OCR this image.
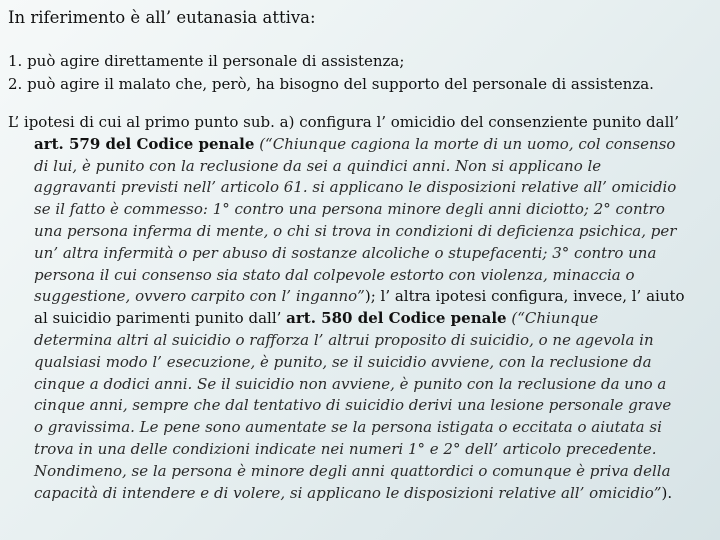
In riferimento è all’ eutanasia attiva:
1. può agire direttamente il personale di assistenza;
2. può agire il malato che, però, ha bisogno del supporto del personale di assistenza.
L’ ipotesi di cui al primo punto sub. a) configura l’ omicidio del consenziente punito dall’
art. 579 del Codice penale (“Chiunque cagiona la morte di un uomo, col consenso
di lui, è punito con la reclusione da sei a quindici anni. Non si applicano le
aggravanti previsti nell’ articolo 61. si applicano le disposizioni relative all’ omicidio
se il fatto è commesso: 1° contro una persona minore degli anni diciotto; 2° contro
una persona inferma di mente, o chi si trova in condizioni di deficienza psichica, per
un’ altra infermità o per abuso di sostanze alcoliche o stupefacenti; 3° contro una
persona il cui consenso sia stato dal colpevole estorto con violenza, minaccia o
suggestione, ovvero carpito con l’ inganno”); l’ altra ipotesi configura, invece, l’ aiuto
al suicidio parimenti punito dall’ art. 580 del Codice penale (“Chiunque
determina altri al suicidio o rafforza l’ altrui proposito di suicidio, o ne agevola in
qualsiasi modo l’ esecuzione, è punito, se il suicidio avviene, con la reclusione da
cinque a dodici anni. Se il suicidio non avviene, è punito con la reclusione da uno a
cinque anni, sempre che dal tentativo di suicidio derivi una lesione personale grave
o gravissima. Le pene sono aumentate se la persona istigata o eccitata o aiutata si
trova in una delle condizioni indicate nei numeri 1° e 2° dell’ articolo precedente.
Nondimeno, se la persona è minore degli anni quattordici o comunque è priva della
capacità di intendere e di volere, si applicano le disposizioni relative all’ omicidio”).
